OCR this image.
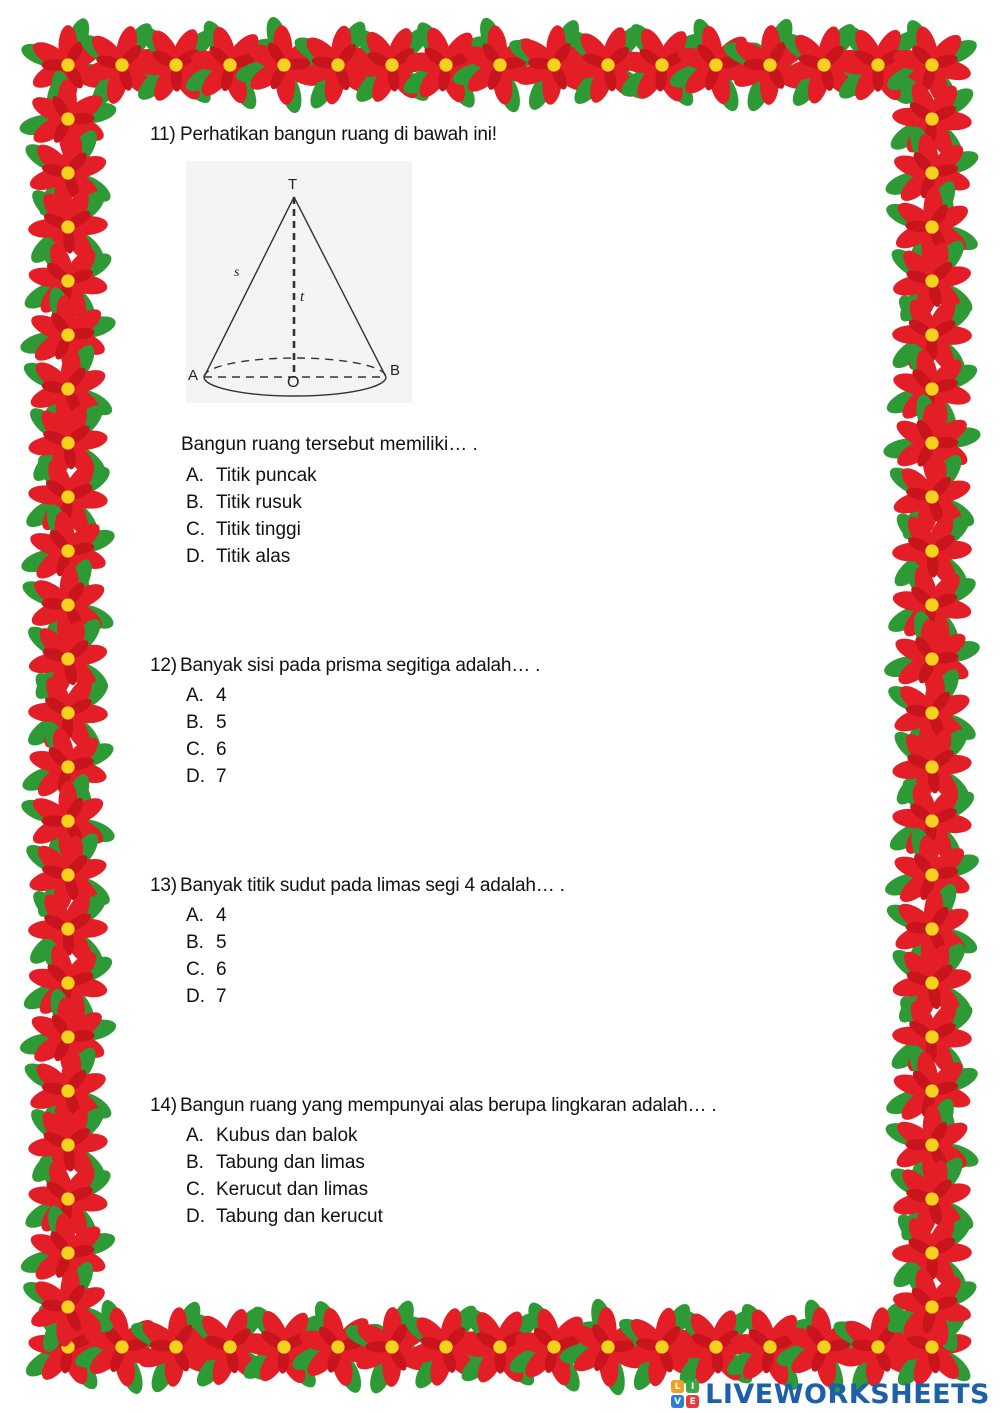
11) Perhatikan bangun ruang di bawah ini!
T
s
t
A	B
O
Bangun ruang tersebut memiliki… .
A. Titik puncak
B. Titik rusuk
C. Titik tinggi
D. Titik alas
12) Banyak sisi pada prisma segitiga adalah… .
A. 4
B. 5
C. 6
D. 7
13) Banyak titik sudut pada limas segi 4 adalah… .
A. 4
B. 5
C. 6
D. 7
14) Bangun ruang yang mempunyai alas berupa lingkaran adalah… .
A. Kubus dan balok
B. Tabung dan limas
C. Kerucut dan limas
D. Tabung dan kerucut
L	I
V E LIVEWORKSHEETS
